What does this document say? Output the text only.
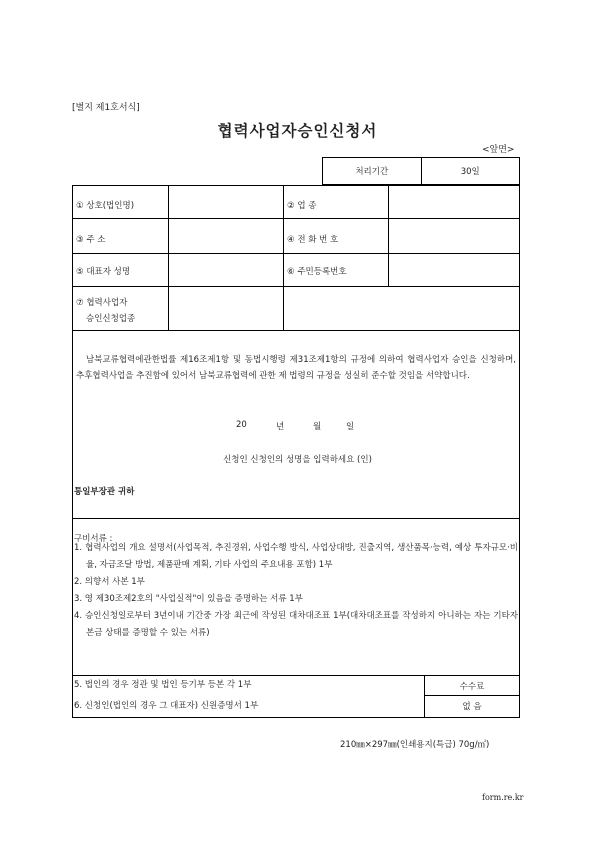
[별지 제1호서식]
협력사업자승인신청서
<앞면>
처리기간	30일
① 상호(법인명)	② 업 종
③ 주 소	④ 전 화 번 호
⑤ 대표자 성명	⑥ 주민등록번호
⑦ 협력사업자
승인신청업종
남북교류협력에관한법률 제16조제1항 및 동법시행령 제31조제1항의 규정에 의하여 협력사업자 승인을 신청하며, 추후협력사업을 추진함에 있어서 남북교류협력에 관한 제 법령의 규정을 성실히 준수할 것임을 서약합니다.
20	년	월	일
신청인 신청인의 성명을 입력하세요 (인)
통일부장관 귀하
구비서류 :
1. 협력사업의 개요 설명서(사업목적, 추진경위, 사업수행 방식, 사업상대방, 진출지역, 생산품목·능력, 예상 투자규모·비율, 자금조달 방법, 제품판매 계획, 기타 사업의 주요내용 포함) 1부
2. 의향서 사본 1부
3. 영 제30조제2호의 "사업실적"이 있음을 증명하는 서류 1부
4. 승인신청일로부터 3년이내 기간중 가장 최근에 작성된 대차대조표 1부(대차대조표를 작성하지 아니하는 자는 기타자본금 상태를 증명할 수 있는 서류)
5. 법인의 경우 정관 및 법인 등기부 등본 각 1부
6. 신청인(법인의 경우 그 대표자) 신원증명서 1부
수수료
없 음
210㎜×297㎜(인쇄용지(특급) 70g/㎡)
form.re.kr
